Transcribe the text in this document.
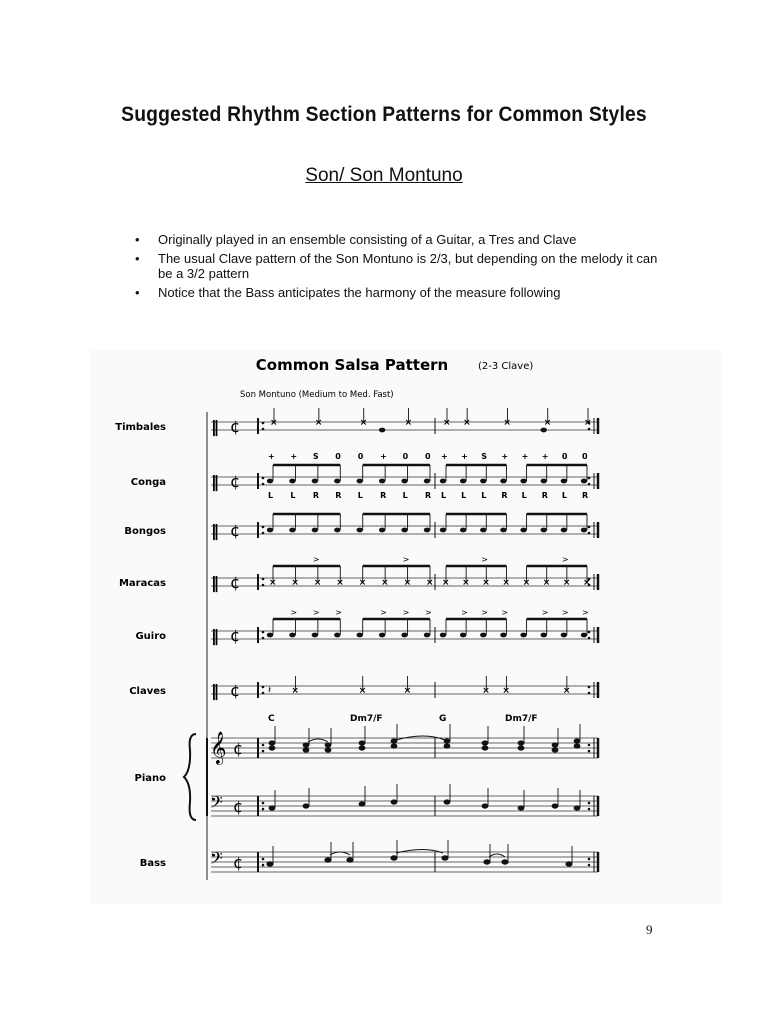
Suggested Rhythm Section Patterns for Common Styles
Son/ Son Montuno
• Originally played in an ensemble consisting of a Guitar, a Tres and Clave
• The usual Clave pattern of the Son Montuno is 2/3, but depending on the melody it can be a 3/2 pattern
• Notice that the Bass anticipates the harmony of the measure following
Common Salsa Pattern	(2-3 Clave)
Son Montuno (Medium to Med. Fast)
Timbales
Conga
Bongos
Maracas
Guiro
Claves
Piano
Bass
‖ ¢
‖ ¢
‖ ¢
‖ ¢
‖ ¢
‖ ¢
𝄞 ¢
𝄢 ¢
𝄢 ¢
× × × × × × × × × × × × × × × ×
>	>	>	>
> > >	> > >	> > >	> > >
+ + S 0 0 + 0 0 + + S + + + 0 0
L L R R L R L R L L L R L R L R
×	×	×	×	× ×	×	×	×
×	×	×	× ×	×
𝄽
C	Dm7/F	G	Dm7/F
9
